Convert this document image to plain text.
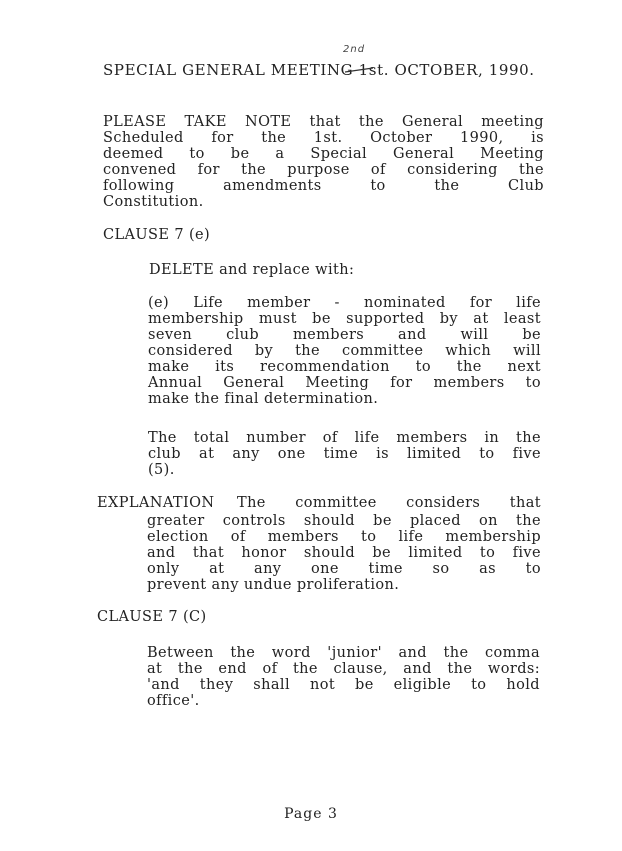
2nd

SPECIAL GENERAL MEETING 1st. OCTOBER, 1990.

PLEASE TAKE NOTE that the General meeting

Scheduled for the 1st. October 1990, is

deemed to be a Special General Meeting

convened for the purpose of considering the

following amendments to the Club

Constitution.

CLAUSE 7 (e)

DELETE and replace with:

(e) Life member - nominated for life

membership must be supported by at least

seven club members and will be

considered by the committee which will

make its recommendation to the next

Annual General Meeting for members to

make the final determination.

The total number of life members in the

club at any one time is limited to five

(5).

EXPLANATION The committee considers that

greater controls should be placed on the

election of members to life membership

and that honor should be limited to five

only at any one time so as to

prevent any undue proliferation.

CLAUSE 7 (C)

Between the word 'junior' and the comma

at the end of the clause, and the words:

'and they shall not be eligible to hold

office'.

Page 3
